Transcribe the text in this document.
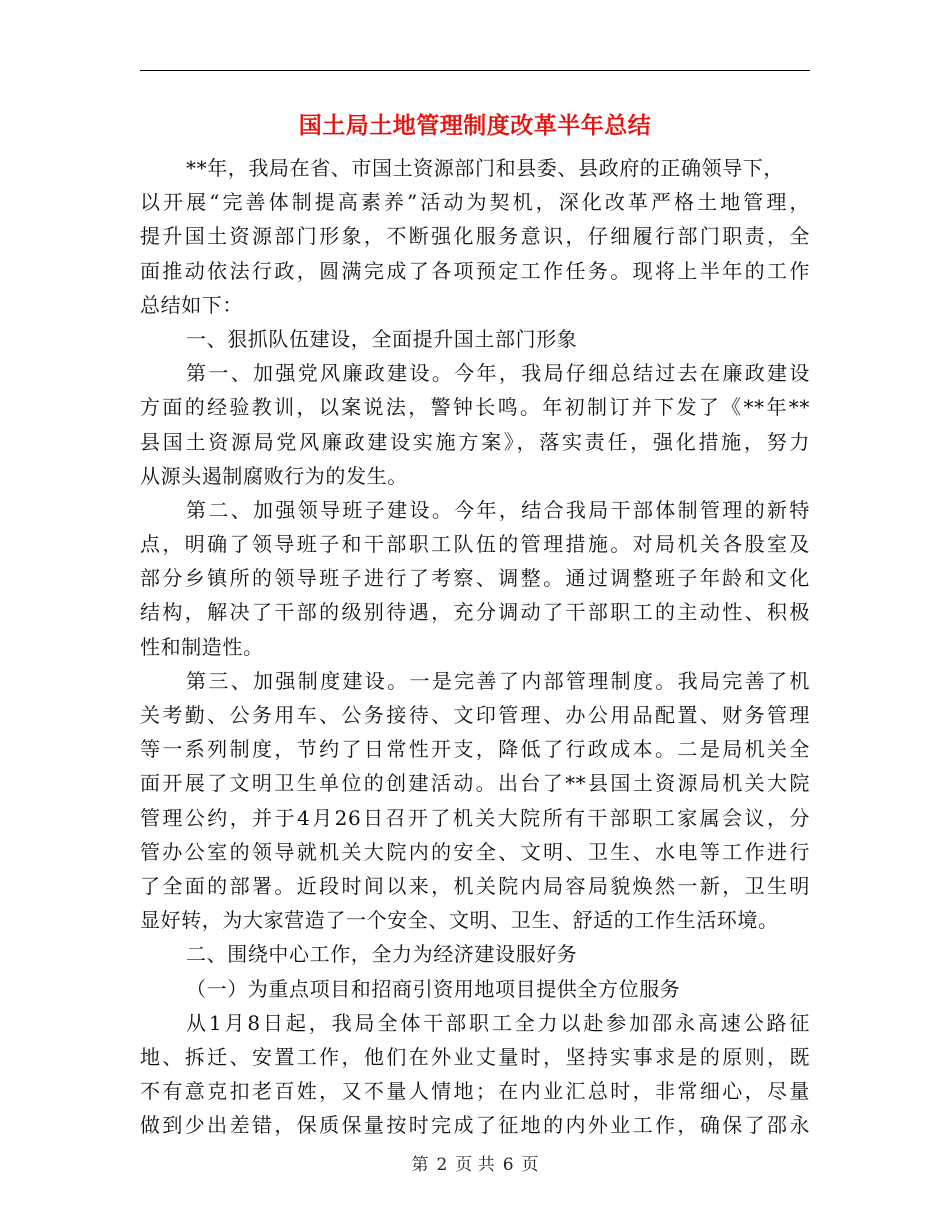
国土局土地管理制度改革半年总结
**年，我局在省、市国土资源部门和县委、县政府的正确领导下，
以开展“完善体制提高素养”活动为契机，深化改革严格土地管理，
提升国土资源部门形象，不断强化服务意识，仔细履行部门职责，全
面推动依法行政，圆满完成了各项预定工作任务。现将上半年的工作
总结如下：
一、狠抓队伍建设，全面提升国土部门形象
第一、加强党风廉政建设。今年，我局仔细总结过去在廉政建设
方面的经验教训，以案说法，警钟长鸣。年初制订并下发了《**年**
县国土资源局党风廉政建设实施方案》，落实责任，强化措施，努力
从源头遏制腐败行为的发生。
第二、加强领导班子建设。今年，结合我局干部体制管理的新特
点，明确了领导班子和干部职工队伍的管理措施。对局机关各股室及
部分乡镇所的领导班子进行了考察、调整。通过调整班子年龄和文化
结构，解决了干部的级别待遇，充分调动了干部职工的主动性、积极
性和制造性。
第三、加强制度建设。一是完善了内部管理制度。我局完善了机
关考勤、公务用车、公务接待、文印管理、办公用品配置、财务管理
等一系列制度，节约了日常性开支，降低了行政成本。二是局机关全
面开展了文明卫生单位的创建活动。出台了**县国土资源局机关大院
管理公约，并于4月26日召开了机关大院所有干部职工家属会议，分
管办公室的领导就机关大院内的安全、文明、卫生、水电等工作进行
了全面的部署。近段时间以来，机关院内局容局貌焕然一新，卫生明
显好转，为大家营造了一个安全、文明、卫生、舒适的工作生活环境。
二、围绕中心工作，全力为经济建设服好务
（一）为重点项目和招商引资用地项目提供全方位服务
从1月8日起，我局全体干部职工全力以赴参加邵永高速公路征
地、拆迁、安置工作，他们在外业丈量时，坚持实事求是的原则，既
不有意克扣老百姓，又不量人情地；在内业汇总时，非常细心，尽量
做到少出差错，保质保量按时完成了征地的内外业工作，确保了邵永
第 2 页 共 6 页
